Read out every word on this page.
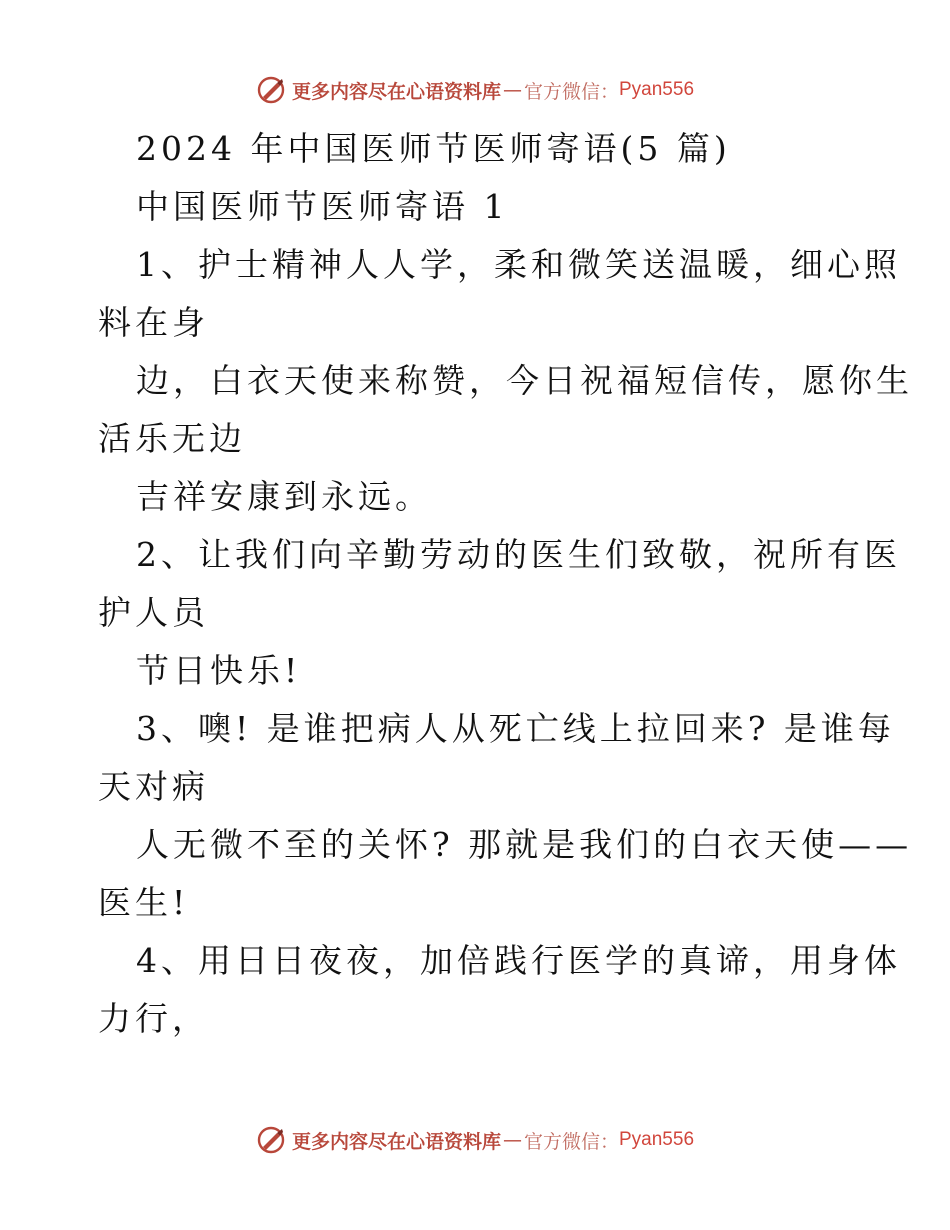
更多内容尽在心语资料库 — 官方微信： Pyan556
2024 年中国医师节医师寄语(5 篇)
中国医师节医师寄语 1
1、护士精神人人学，柔和微笑送温暖，细心照
料在身
边，白衣天使来称赞，今日祝福短信传，愿你生
活乐无边
吉祥安康到永远。
2、让我们向辛勤劳动的医生们致敬，祝所有医
护人员
节日快乐!
3、噢! 是谁把病人从死亡线上拉回来? 是谁每
天对病
人无微不至的关怀? 那就是我们的白衣天使——
医生!
4、用日日夜夜，加倍践行医学的真谛，用身体
力行，
更多内容尽在心语资料库 — 官方微信： Pyan556
